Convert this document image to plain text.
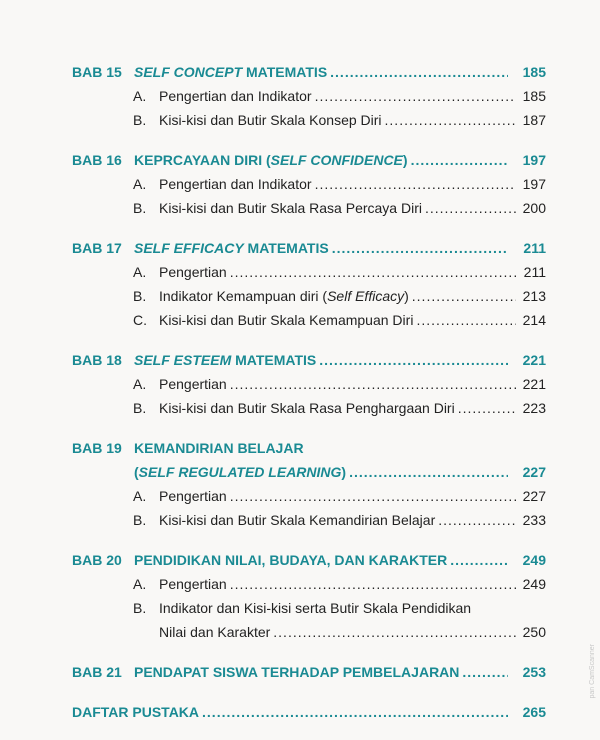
BAB 15 SELF CONCEPT MATEMATIS .....	185
A. Pengertian dan Indikator .....	185
B. Kisi-kisi dan Butir Skala Konsep Diri .....	187
BAB 16 KEPRCAYAAN DIRI (SELF CONFIDENCE) .....	197
A. Pengertian dan Indikator .....	197
B. Kisi-kisi dan Butir Skala Rasa Percaya Diri .....	200
BAB 17 SELF EFFICACY MATEMATIS .....	211
A. Pengertian .....	211
B. Indikator Kemampuan diri (Self Efficacy) .....	213
C. Kisi-kisi dan Butir Skala Kemampuan Diri .....	214
BAB 18 SELF ESTEEM MATEMATIS .....	221
A. Pengertian .....	221
B. Kisi-kisi dan Butir Skala Rasa Penghargaan Diri .....	223
BAB 19 KEMANDIRIAN BELAJAR
(SELF REGULATED LEARNING) .....	227
A. Pengertian .....	227
B. Kisi-kisi dan Butir Skala Kemandirian Belajar .....	233
BAB 20 PENDIDIKAN NILAI, BUDAYA, DAN KARAKTER .....	249
A. Pengertian .....	249
B. Indikator dan Kisi-kisi serta Butir Skala Pendidikan
Nilai dan Karakter .....	250
BAB 21 PENDAPAT SISWA TERHADAP PEMBELAJARAN .....	253
DAFTAR PUSTAKA .....	265
pan CamScanner
